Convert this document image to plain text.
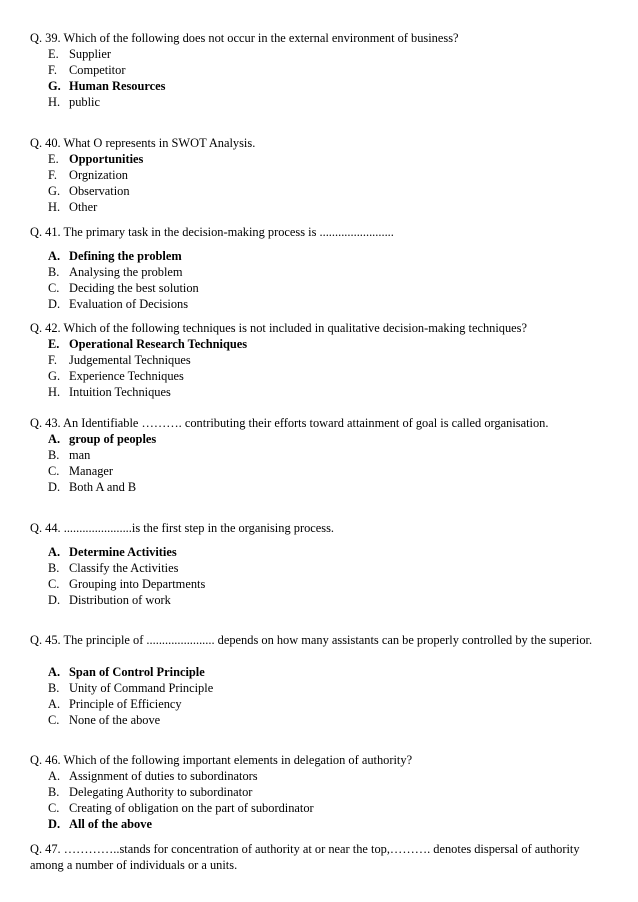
Q. 39. Which of the following does not occur in the external environment of business?
E. Supplier
F. Competitor
G. Human Resources
H. public
Q. 40. What O represents in SWOT Analysis.
E. Opportunities
F. Orgnization
G. Observation
H. Other
Q. 41. The primary task in the decision-making process is ........................
A. Defining the problem
B. Analysing the problem
C. Deciding the best solution
D. Evaluation of Decisions
Q. 42. Which of the following techniques is not included in qualitative decision-making techniques?
E. Operational Research Techniques
F. Judgemental Techniques
G. Experience Techniques
H. Intuition Techniques
Q. 43. An Identifiable ………. contributing their efforts toward attainment of goal is called organisation.
A. group of peoples
B. man
C. Manager
D. Both A and B
Q. 44. ......................is the first step in the organising process.
A. Determine Activities
B. Classify the Activities
C. Grouping into Departments
D. Distribution of work
Q. 45. The principle of ...................... depends on how many assistants can be properly controlled by the superior.
A. Span of Control Principle
B. Unity of Command Principle
A. Principle of Efficiency
C. None of the above
Q. 46. Which of the following important elements in delegation of authority?
A. Assignment of duties to subordinators
B. Delegating Authority to subordinator
C. Creating of obligation on the part of subordinator
D. All of the above
Q. 47. …………..stands for concentration of authority at or near the top,………. denotes dispersal of authority among a number of individuals or a units.
